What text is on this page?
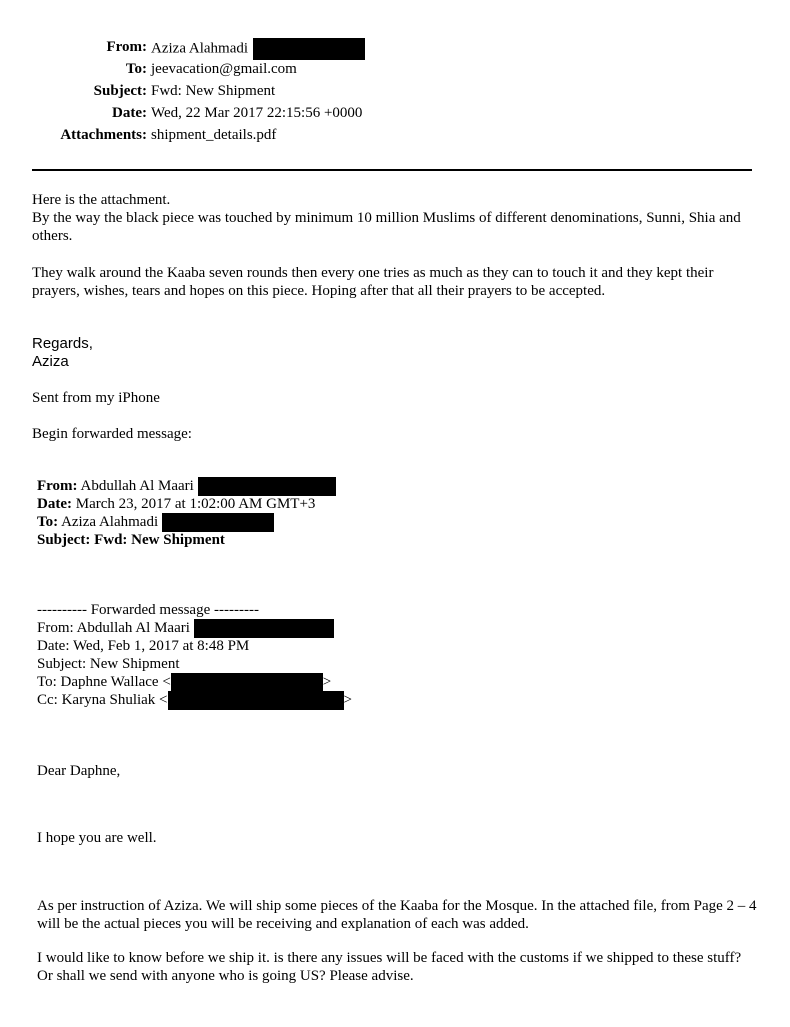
From: Aziza Alahmadi
To: jeevacation@gmail.com
Subject: Fwd: New Shipment
Date: Wed, 22 Mar 2017 22:15:56 +0000
Attachments: shipment_details.pdf

Here is the attachment.

By the way the black piece was touched by minimum 10 million Muslims of different denominations, Sunni, Shia and others.

They walk around the Kaaba seven rounds then every one tries as much as they can to touch it and they kept their prayers, wishes, tears and hopes on this piece. Hoping after that all their prayers to be accepted.

Regards,
Aziza
Sent from my iPhone
Begin forwarded message:
From: Abdullah Al Maari
Date: March 23, 2017 at 1:02:00 AM GMT+3
To: Aziza Alahmadi
Subject: Fwd: New Shipment
---------- Forwarded message ---------
From: Abdullah Al Maari
Date: Wed, Feb 1, 2017 at 8:48 PM
Subject: New Shipment
To: Daphne Wallace <	>
Cc: Karyna Shuliak <	>
Dear Daphne,
I hope you are well.
As per instruction of Aziza. We will ship some pieces of the Kaaba for the Mosque. In the attached file, from Page 2 – 4 will be the actual pieces you will be receiving and explanation of each was added.
I would like to know before we ship it. is there any issues will be faced with the customs if we shipped to these stuff? Or shall we send with anyone who is going US? Please advise.
